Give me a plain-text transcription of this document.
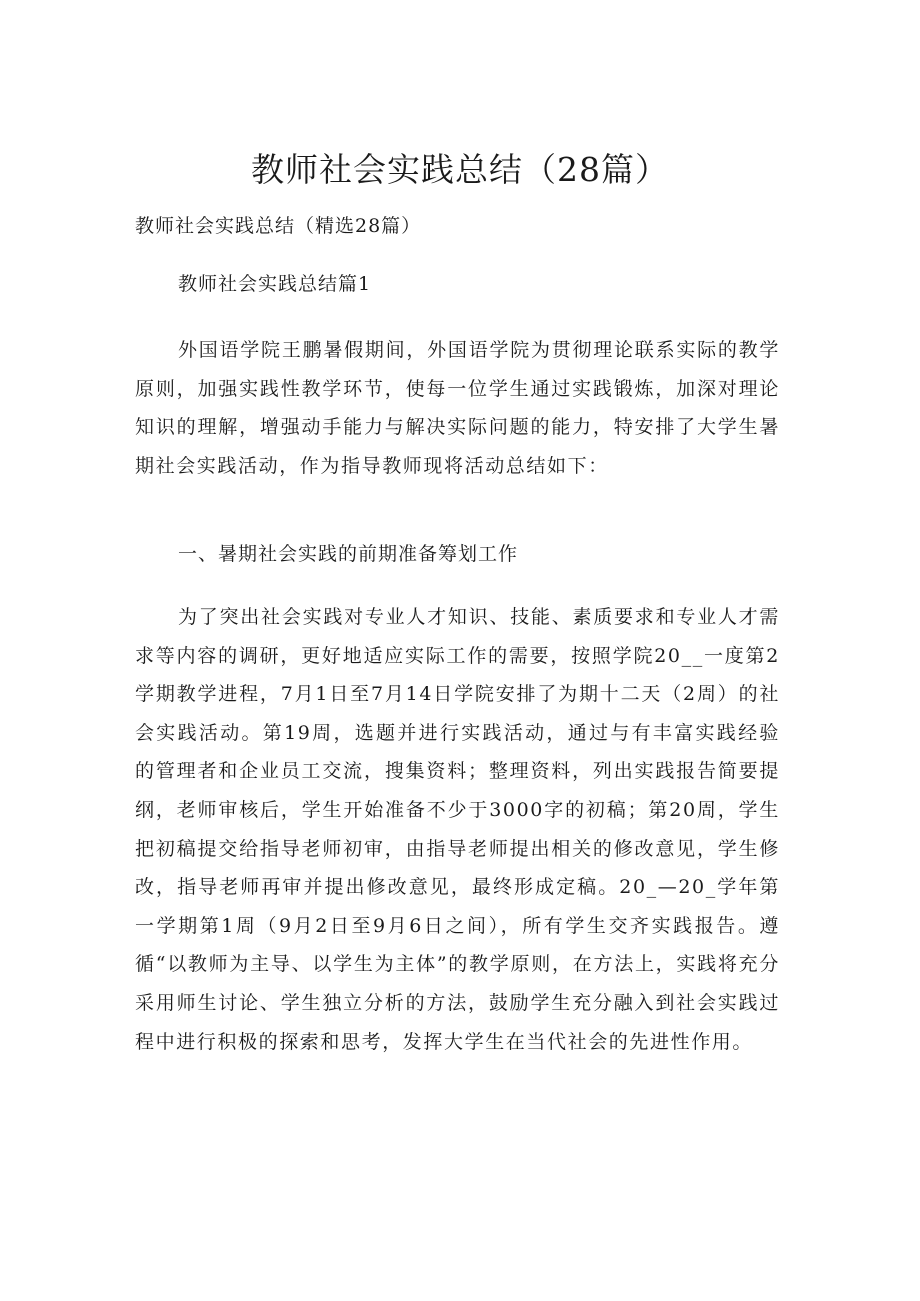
教师社会实践总结（28篇）
教师社会实践总结（精选28篇）
教师社会实践总结篇1

外国语学院王鹏暑假期间，外国语学院为贯彻理论联系实际的教学原则，加强实践性教学环节，使每一位学生通过实践锻炼，加深对理论知识的理解，增强动手能力与解决实际问题的能力，特安排了大学生暑期社会实践活动，作为指导教师现将活动总结如下：

一、暑期社会实践的前期准备筹划工作

为了突出社会实践对专业人才知识、技能、素质要求和专业人才需求等内容的调研，更好地适应实际工作的需要，按照学院20__一度第2学期教学进程，7月1日至7月14日学院安排了为期十二天（2周）的社会实践活动。第19周，选题并进行实践活动，通过与有丰富实践经验的管理者和企业员工交流，搜集资料；整理资料，列出实践报告简要提纲，老师审核后，学生开始准备不少于3000字的初稿；第20周，学生把初稿提交给指导老师初审，由指导老师提出相关的修改意见，学生修改，指导老师再审并提出修改意见，最终形成定稿。20_—20_学年第一学期第1周（9月2日至9月6日之间），所有学生交齐实践报告。遵循“以教师为主导、以学生为主体”的教学原则，在方法上，实践将充分采用师生讨论、学生独立分析的方法，鼓励学生充分融入到社会实践过程中进行积极的探索和思考，发挥大学生在当代社会的先进性作用。
